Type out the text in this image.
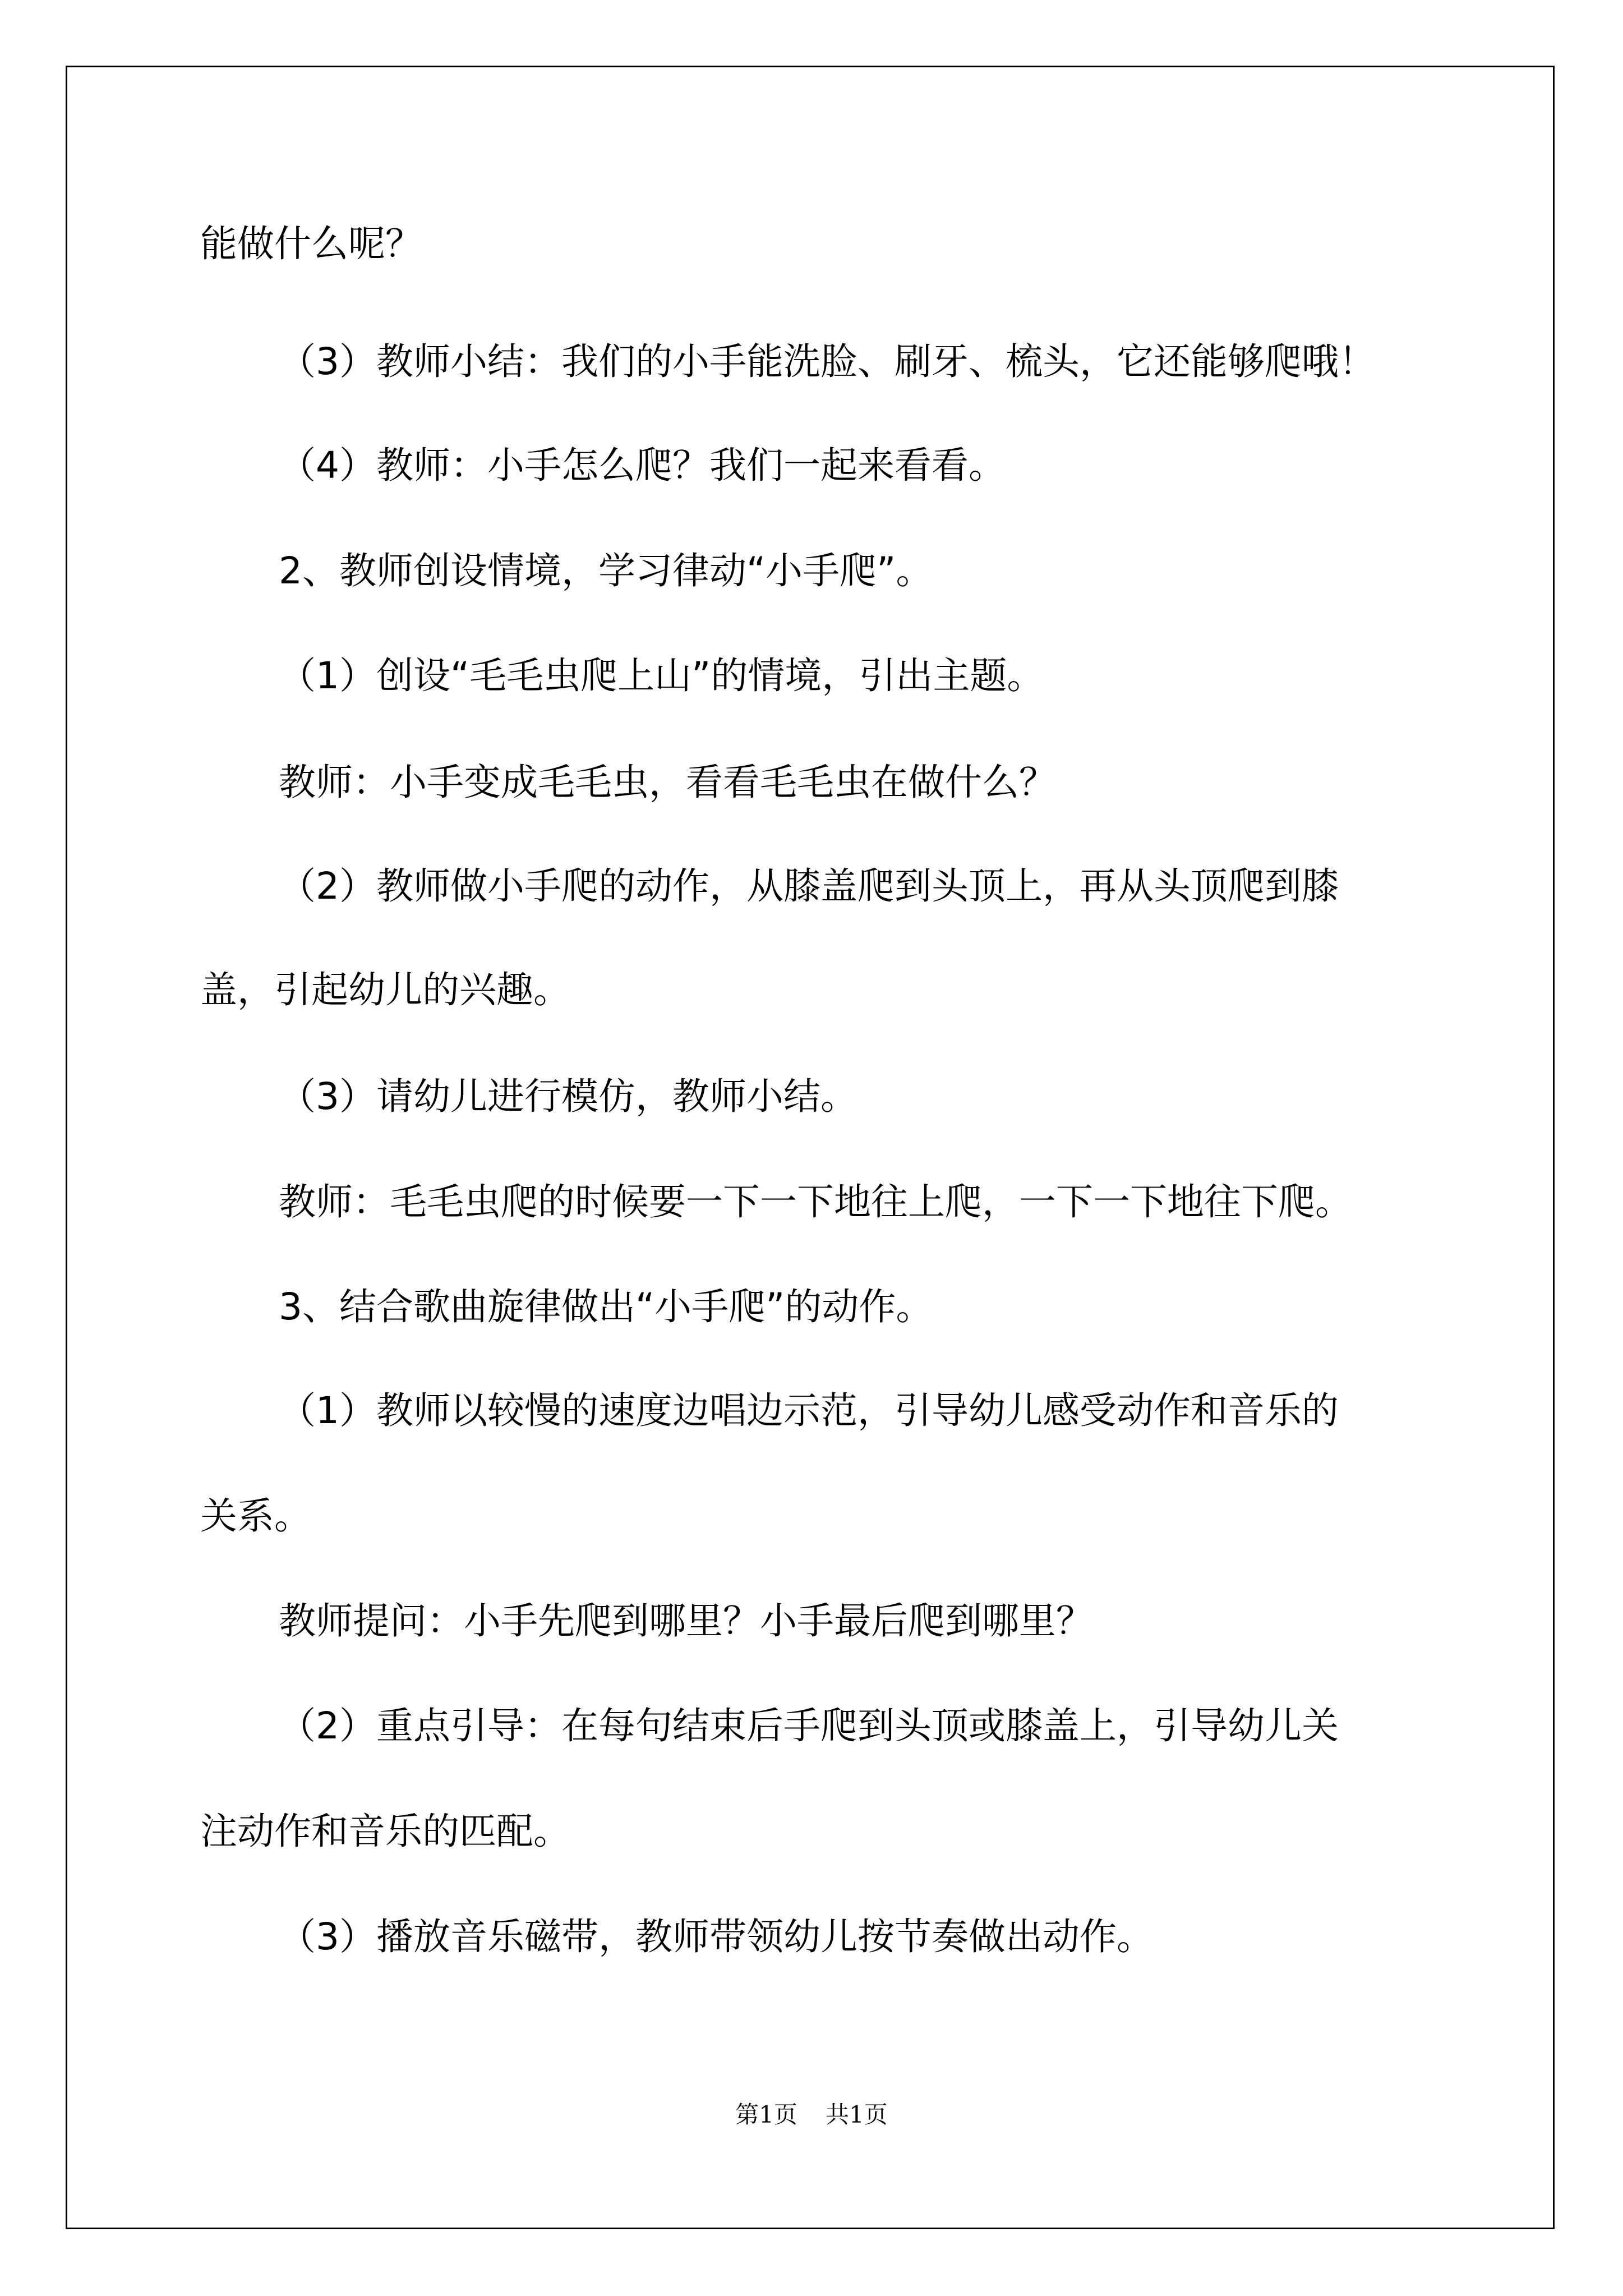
能做什么呢？
（3）教师小结：我们的小手能洗脸、刷牙、梳头，它还能够爬哦！
（4）教师：小手怎么爬？我们一起来看看。
2、教师创设情境，学习律动“小手爬”。
（1）创设“毛毛虫爬上山”的情境，引出主题。
教师：小手变成毛毛虫，看看毛毛虫在做什么？
（2）教师做小手爬的动作，从膝盖爬到头顶上，再从头顶爬到膝
盖，引起幼儿的兴趣。
（3）请幼儿进行模仿，教师小结。
教师：毛毛虫爬的时候要一下一下地往上爬，一下一下地往下爬。
3、结合歌曲旋律做出“小手爬”的动作。
（1）教师以较慢的速度边唱边示范，引导幼儿感受动作和音乐的
关系。
教师提问：小手先爬到哪里？小手最后爬到哪里？
（2）重点引导：在每句结束后手爬到头顶或膝盖上，引导幼儿关
注动作和音乐的匹配。
（3）播放音乐磁带，教师带领幼儿按节奏做出动作。
第1页 共1页
